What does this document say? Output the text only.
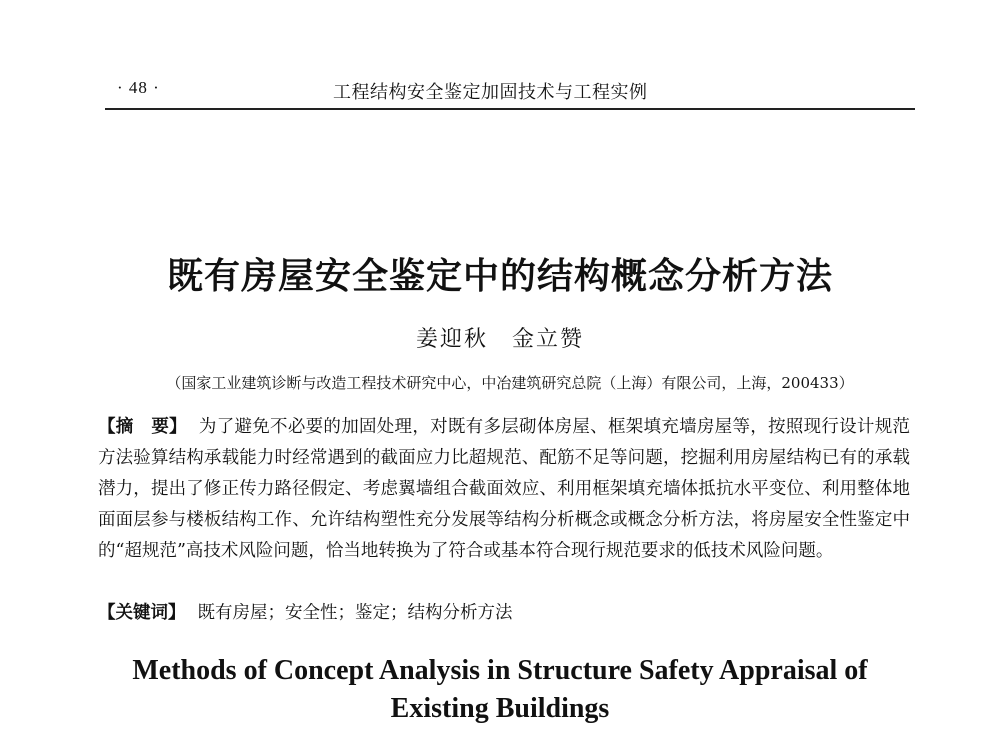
· 48 ·	工程结构安全鉴定加固技术与工程实例
既有房屋安全鉴定中的结构概念分析方法
姜迎秋　金立赞
（国家工业建筑诊断与改造工程技术研究中心，中冶建筑研究总院（上海）有限公司，上海，200433）
【摘　要】 为了避免不必要的加固处理，对既有多层砌体房屋、框架填充墙房屋等，按照现行设计规范方法验算结构承载能力时经常遇到的截面应力比超规范、配筋不足等问题，挖掘利用房屋结构已有的承载潜力，提出了修正传力路径假定、考虑翼墙组合截面效应、利用框架填充墙体抵抗水平变位、利用整体地面面层参与楼板结构工作、允许结构塑性充分发展等结构分析概念或概念分析方法，将房屋安全性鉴定中的“超规范”高技术风险问题，恰当地转换为了符合或基本符合现行规范要求的低技术风险问题。
【关键词】 既有房屋；安全性；鉴定；结构分析方法
Methods of Concept Analysis in Structure Safety Appraisal of Existing Buildings
